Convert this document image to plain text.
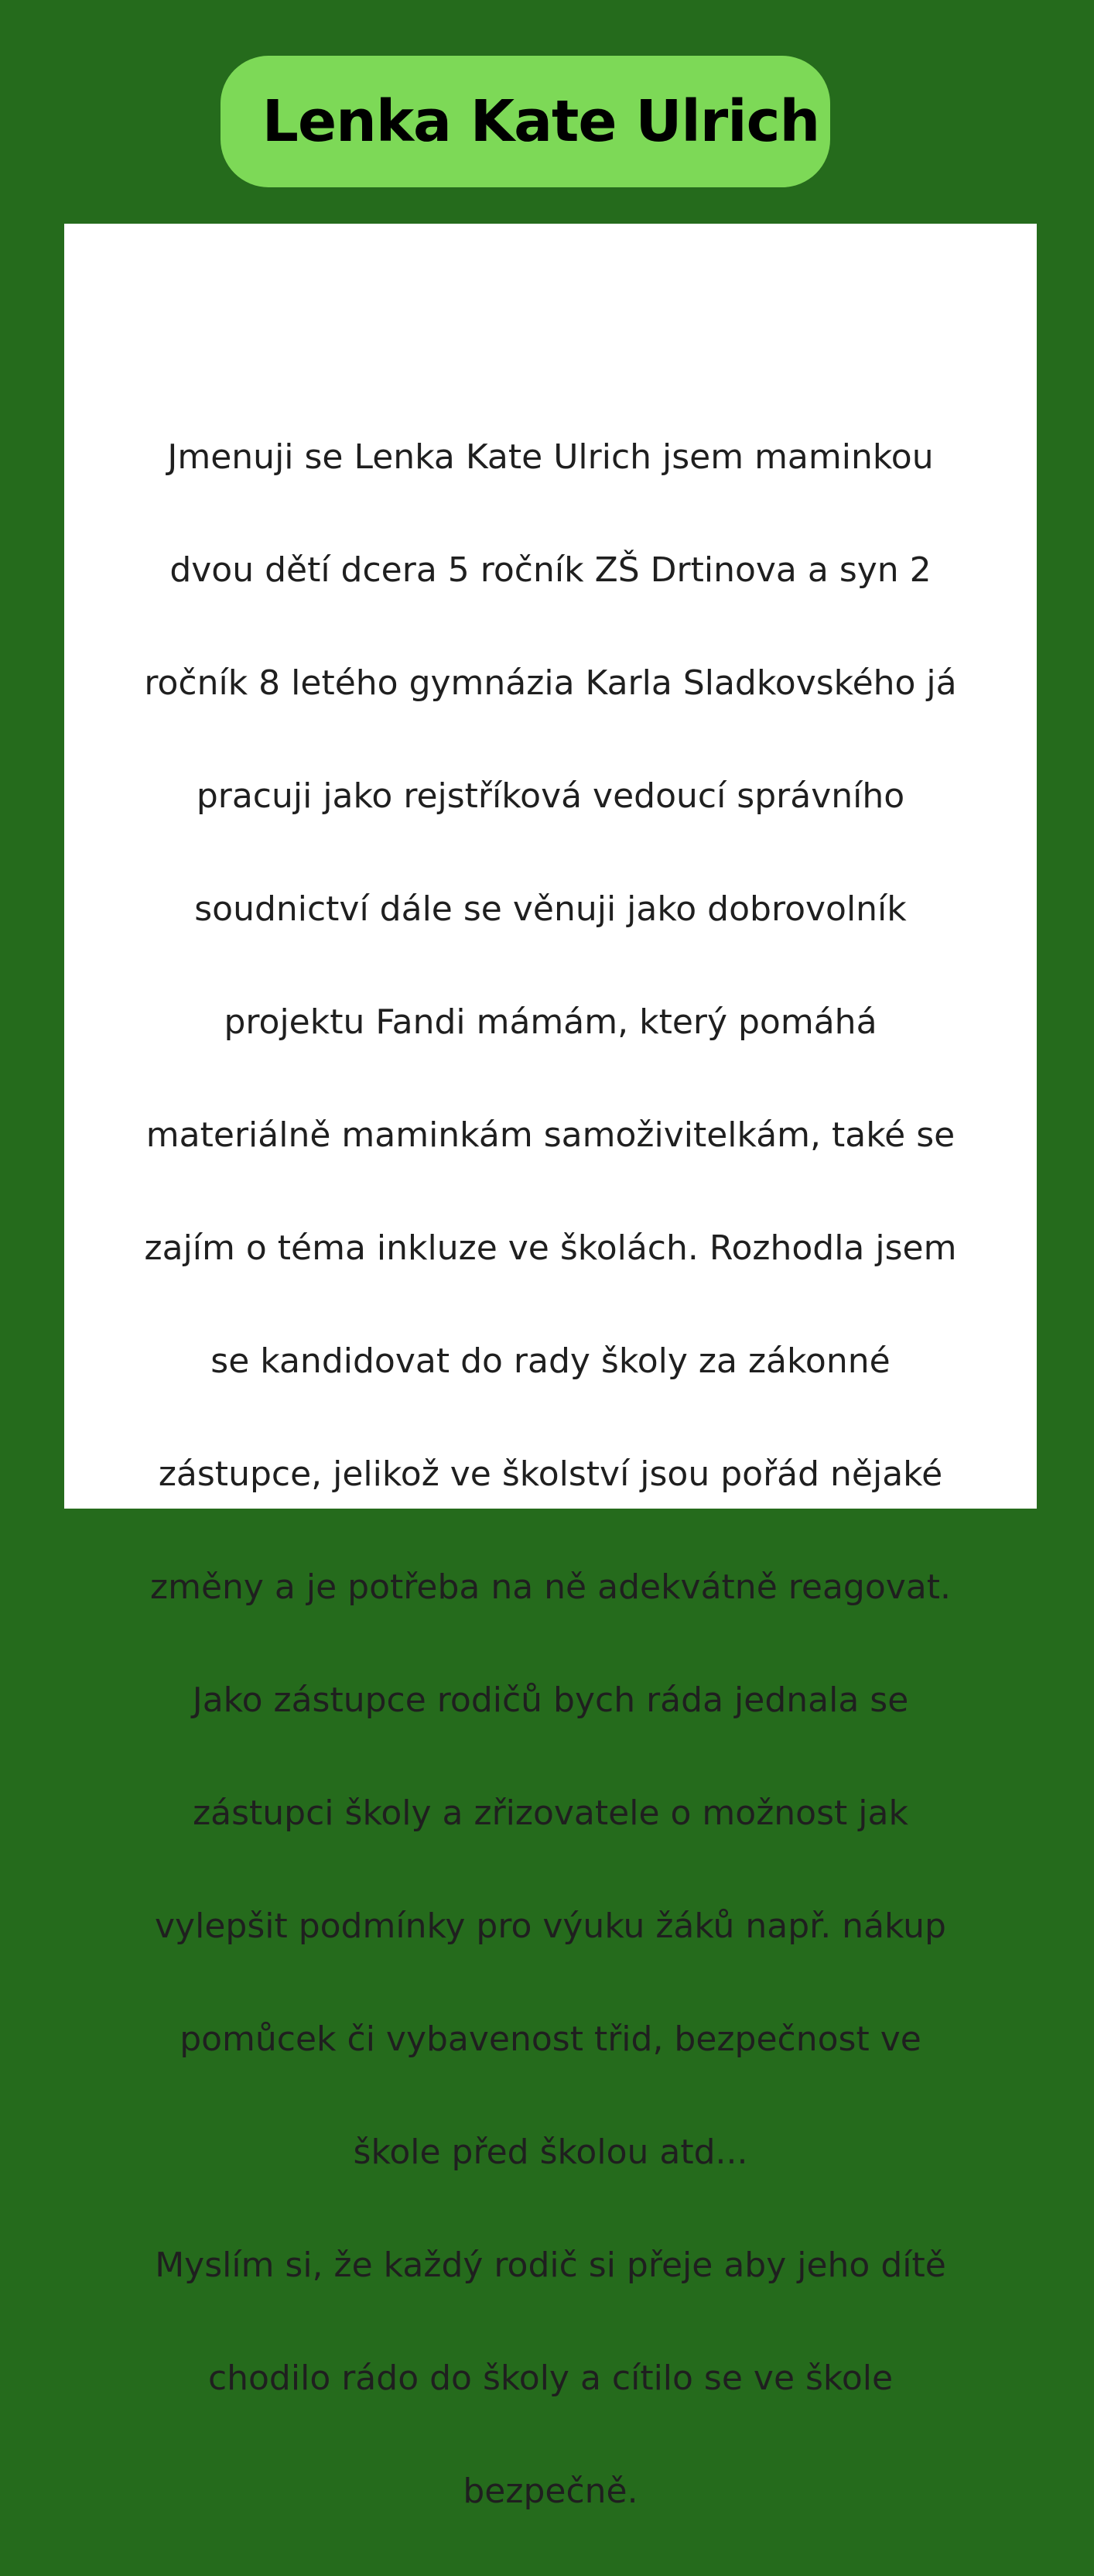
Lenka Kate Ulrich

Jmenuji se Lenka Kate Ulrich jsem maminkou

dvou dětí dcera 5 ročník ZŠ Drtinova a syn 2

ročník 8 letého gymnázia Karla Sladkovského já

pracuji jako rejstříková vedoucí správního

soudnictví dále se věnuji jako dobrovolník

projektu Fandi mámám, který pomáhá

materiálně maminkám samoživitelkám, také se

zajím o téma inkluze ve školách. Rozhodla jsem

se kandidovat do rady školy za zákonné

zástupce, jelikož ve školství jsou pořád nějaké

změny a je potřeba na ně adekvátně reagovat.

Jako zástupce rodičů bych ráda jednala se

zástupci školy a zřizovatele o možnost jak

vylepšit podmínky pro výuku žáků např. nákup

pomůcek či vybavenost třid, bezpečnost ve

škole před školou atd...

Myslím si, že každý rodič si přeje aby jeho dítě

chodilo rádo do školy a cítilo se ve škole

bezpečně.
